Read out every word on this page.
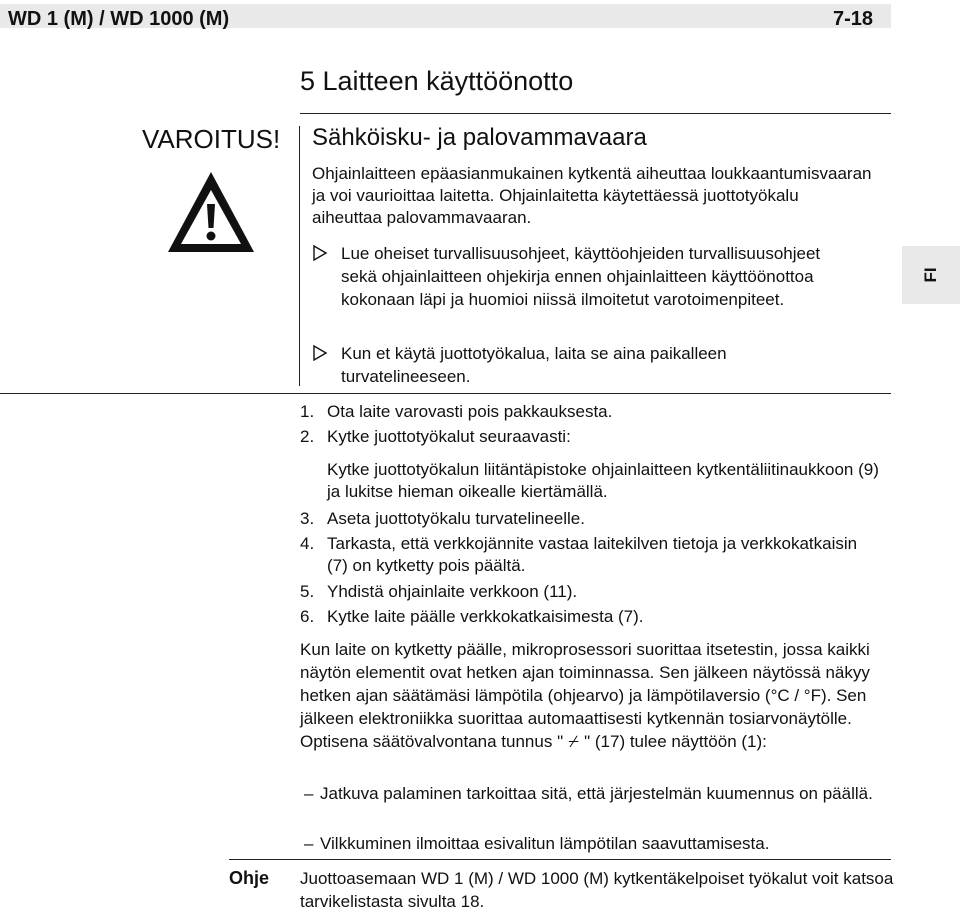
WD 1 (M) / WD 1000 (M)	7-18
5 Laitteen käyttöönotto
VAROITUS! Sähköisku- ja palovammavaara
Ohjainlaitteen epäasianmukainen kytkentä aiheuttaa loukkaantumisvaaran ja voi vaurioittaa laitetta. Ohjainlaitetta käytettäessä juottotyökalu aiheuttaa palovammavaaran.
Lue oheiset turvallisuusohjeet, käyttöohjeiden turvallisuusohjeet sekä ohjainlaitteen ohjekirja ennen ohjainlaitteen käyttöönottoa kokonaan läpi ja huomioi niissä ilmoitetut varotoimenpiteet.
Kun et käytä juottotyökalua, laita se aina paikalleen turvatelineeseen.
FI
1. Ota laite varovasti pois pakkauksesta.
2. Kytke juottotyökalut seuraavasti:
Kytke juottotyökalun liitäntäpistoke ohjainlaitteen kytkentäliitinaukkoon (9) ja lukitse hieman oikealle kiertämällä.
3. Aseta juottotyökalu turvatelineelle.
4. Tarkasta, että verkkojännite vastaa laitekilven tietoja ja verkkokatkaisin (7) on kytketty pois päältä.
5. Yhdistä ohjainlaite verkkoon (11).
6. Kytke laite päälle verkkokatkaisimesta (7).
Kun laite on kytketty päälle, mikroprosessori suorittaa itsetestin, jossa kaikki näytön elementit ovat hetken ajan toiminnassa. Sen jälkeen näytössä näkyy hetken ajan säätämäsi lämpötila (ohjearvo) ja lämpötilaversio (°C / °F). Sen jälkeen elektroniikka suorittaa automaattisesti kytkennän tosiarvonäytölle. Optisena säätövalvontana tunnus " ⌿ " (17) tulee näyttöön (1):
– Jatkuva palaminen tarkoittaa sitä, että järjestelmän kuumennus on päällä.
– Vilkkuminen ilmoittaa esivalitun lämpötilan saavuttamisesta.
Ohje Juottoasemaan WD 1 (M) / WD 1000 (M) kytkentäkelpoiset työkalut voit katsoa tarvikelistasta sivulta 18.
